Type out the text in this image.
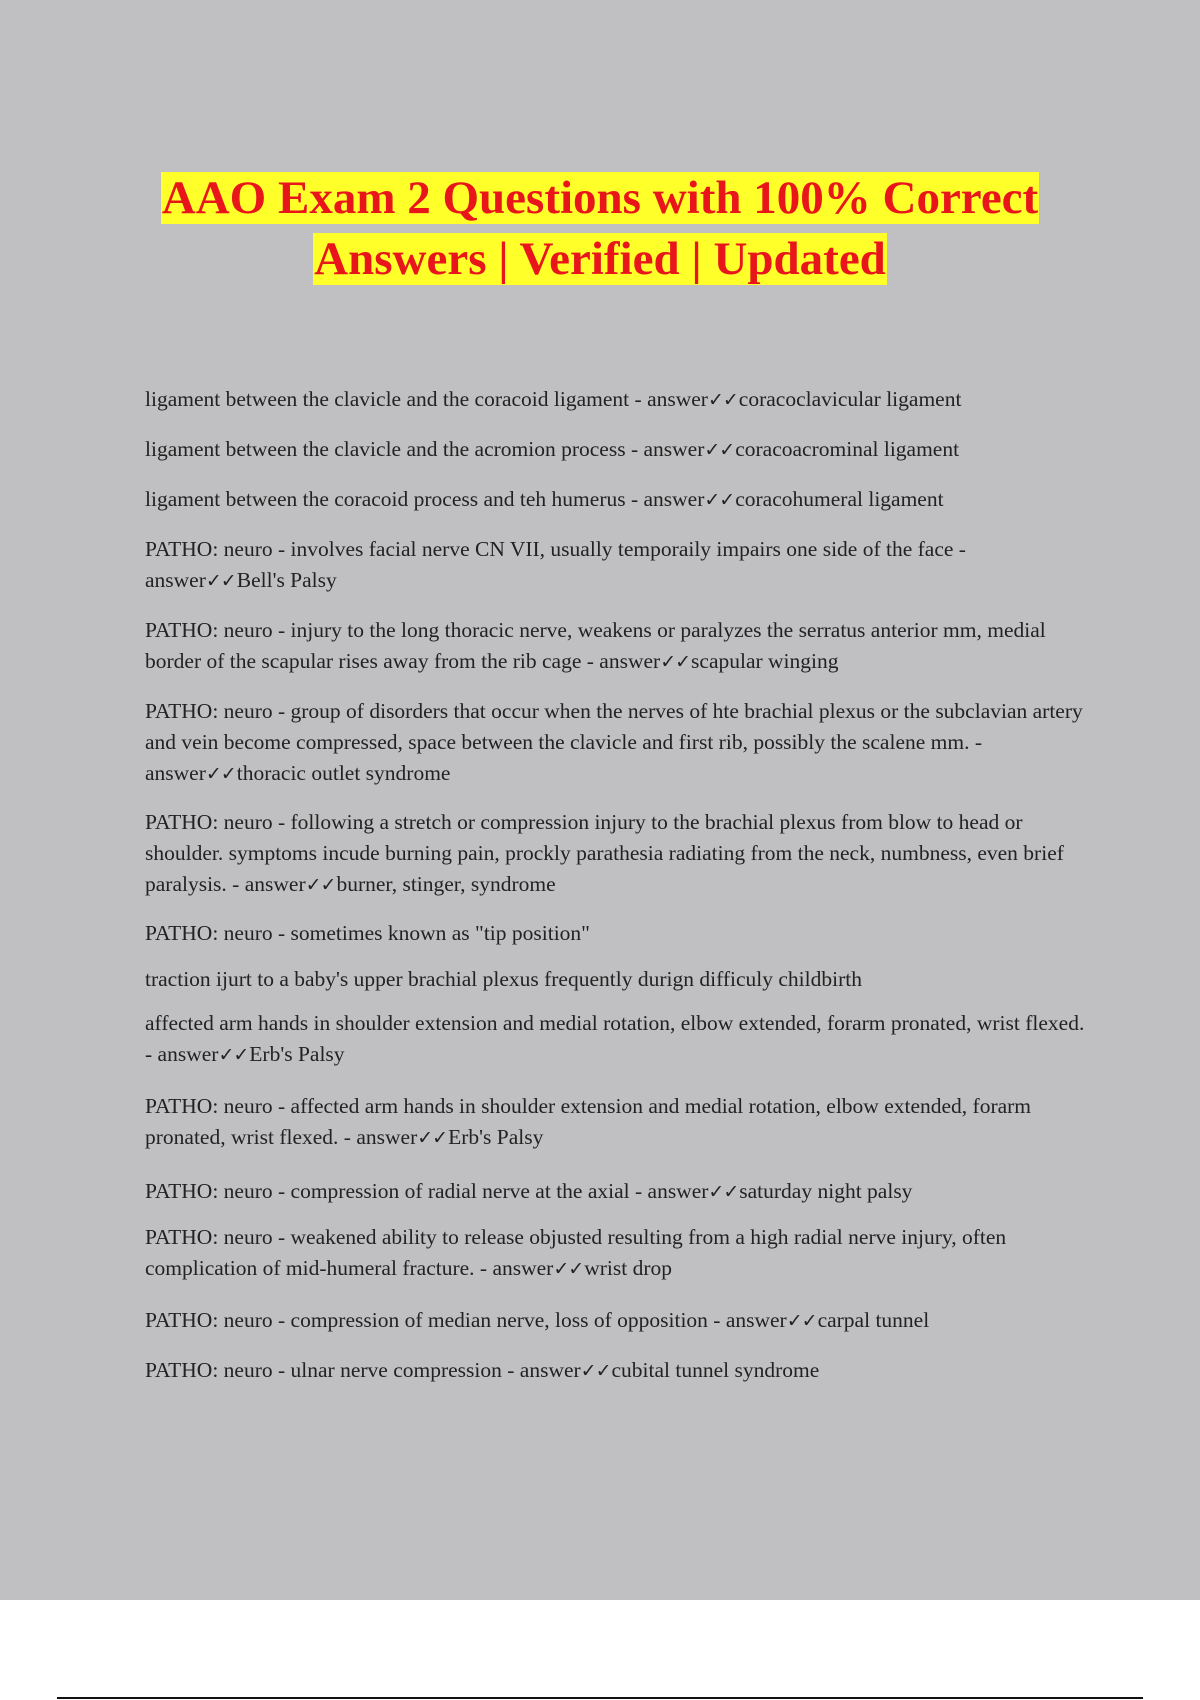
AAO Exam 2 Questions with 100% Correct
Answers | Verified | Updated

ligament between the clavicle and the coracoid ligament - answer✓✓coracoclavicular ligament

ligament between the clavicle and the acromion process - answer✓✓coracoacrominal ligament

ligament between the coracoid process and teh humerus - answer✓✓coracohumeral ligament

PATHO: neuro - involves facial nerve CN VII, usually temporaily impairs one side of the face - answer✓✓Bell's Palsy

PATHO: neuro - injury to the long thoracic nerve, weakens or paralyzes the serratus anterior mm, medial border of the scapular rises away from the rib cage - answer✓✓scapular winging

PATHO: neuro - group of disorders that occur when the nerves of hte brachial plexus or the subclavian artery and vein become compressed, space between the clavicle and first rib, possibly the scalene mm. - answer✓✓thoracic outlet syndrome

PATHO: neuro - following a stretch or compression injury to the brachial plexus from blow to head or shoulder. symptoms incude burning pain, prockly parathesia radiating from the neck, numbness, even brief paralysis. - answer✓✓burner, stinger, syndrome

PATHO: neuro - sometimes known as "tip position"

traction ijurt to a baby's upper brachial plexus frequently durign difficuly childbirth

affected arm hands in shoulder extension and medial rotation, elbow extended, forarm pronated, wrist flexed. - answer✓✓Erb's Palsy

PATHO: neuro - affected arm hands in shoulder extension and medial rotation, elbow extended, forarm pronated, wrist flexed. - answer✓✓Erb's Palsy

PATHO: neuro - compression of radial nerve at the axial - answer✓✓saturday night palsy

PATHO: neuro - weakened ability to release objusted resulting from a high radial nerve injury, often complication of mid-humeral fracture. - answer✓✓wrist drop

PATHO: neuro - compression of median nerve, loss of opposition - answer✓✓carpal tunnel

PATHO: neuro - ulnar nerve compression - answer✓✓cubital tunnel syndrome
